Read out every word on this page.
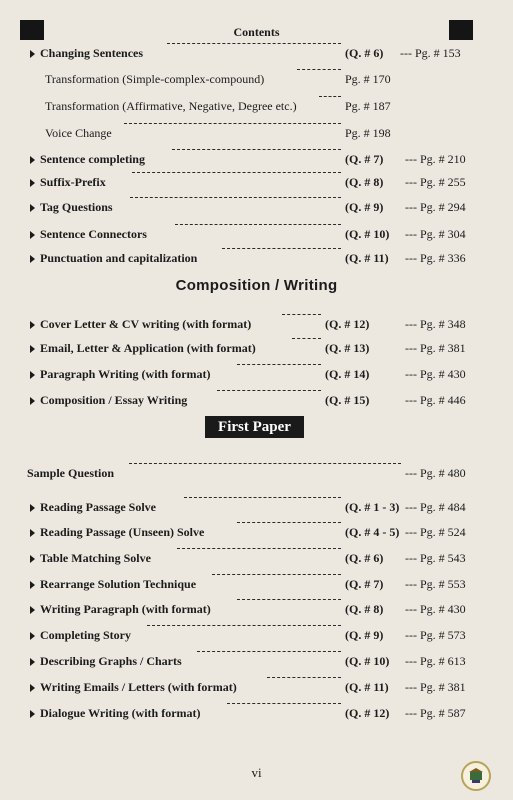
Contents
Changing Sentences	(Q. # 6) --- Pg. # 153
Transformation (Simple-complex-compound)	Pg. # 170
Transformation (Affirmative, Negative, Degree etc.)	Pg. # 187
Voice Change	Pg. # 198
Sentence completing	(Q. # 7) --- Pg. # 210
Suffix-Prefix	(Q. # 8) --- Pg. # 255
Tag Questions	(Q. # 9) --- Pg. # 294
Sentence Connectors	(Q. # 10) --- Pg. # 304
Punctuation and capitalization	(Q. # 11) --- Pg. # 336
Cover Letter & CV writing (with format)	(Q. # 12)	--- Pg. # 348
Email, Letter & Application (with format)	(Q. # 13)	--- Pg. # 381
Paragraph Writing (with format)	(Q. # 14)	--- Pg. # 430
Composition / Essay Writing	(Q. # 15)	--- Pg. # 446
Sample Question	--- Pg. # 480
Reading Passage Solve	(Q. # 1 - 3) --- Pg. # 484
Reading Passage (Unseen) Solve	(Q. # 4 - 5) --- Pg. # 524
Table Matching Solve	(Q. # 6) --- Pg. # 543
Rearrange Solution Technique	(Q. # 7) --- Pg. # 553
Writing Paragraph (with format)	(Q. # 8) --- Pg. # 430
Completing Story	(Q. # 9) --- Pg. # 573
Describing Graphs / Charts	(Q. # 10) --- Pg. # 613
Writing Emails / Letters (with format)	(Q. # 11) --- Pg. # 381
Dialogue Writing (with format)	(Q. # 12) --- Pg. # 587
Composition / Writing
First Paper
vi
